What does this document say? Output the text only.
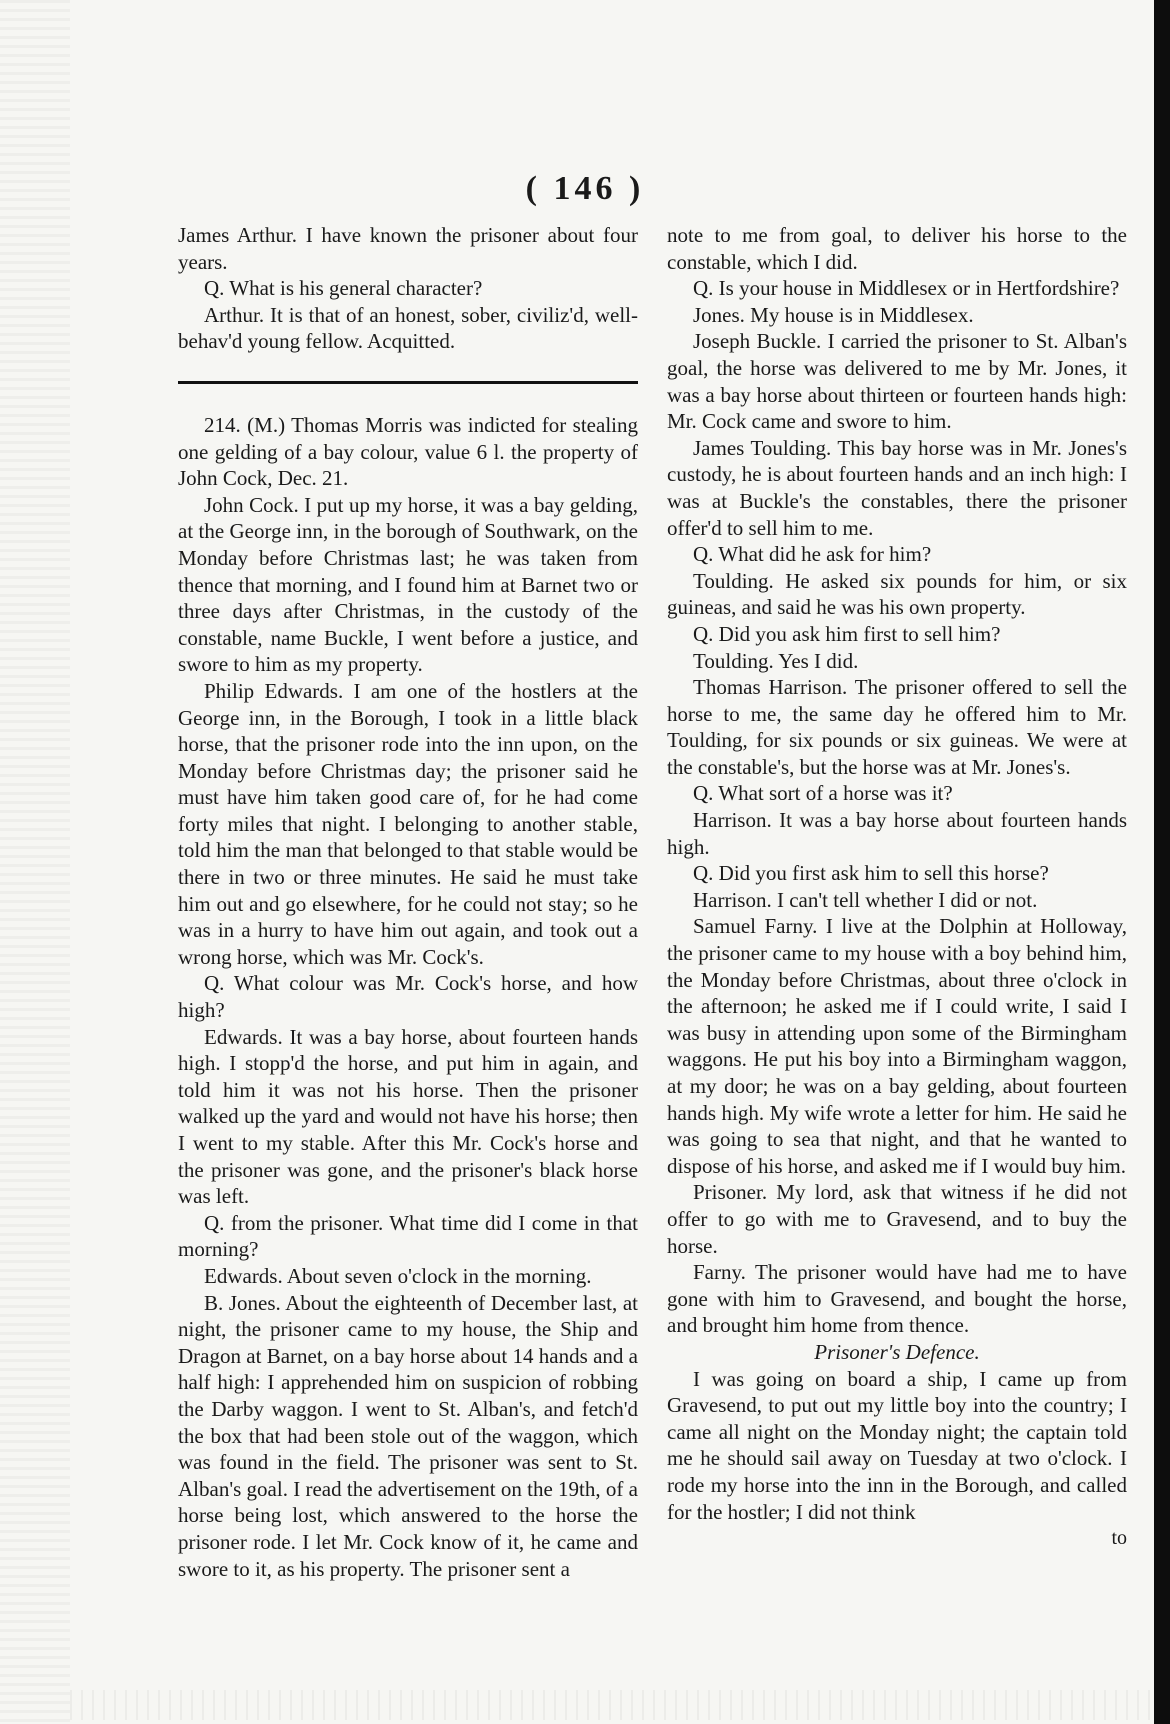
( 146 )

James Arthur. I have known the prisoner about four years.

Q. What is his general character?

Arthur. It is that of an honest, sober, civiliz'd, well-behav'd young fellow. Acquitted.

214. (M.) Thomas Morris was indicted for stealing one gelding of a bay colour, value 6 l. the property of John Cock, Dec. 21.

John Cock. I put up my horse, it was a bay gelding, at the George inn, in the borough of Southwark, on the Monday before Christmas last; he was taken from thence that morning, and I found him at Barnet two or three days after Christmas, in the custody of the constable, name Buckle, I went before a justice, and swore to him as my property.

Philip Edwards. I am one of the hostlers at the George inn, in the Borough, I took in a little black horse, that the prisoner rode into the inn upon, on the Monday before Christmas day; the prisoner said he must have him taken good care of, for he had come forty miles that night. I belonging to another stable, told him the man that belonged to that stable would be there in two or three minutes. He said he must take him out and go elsewhere, for he could not stay; so he was in a hurry to have him out again, and took out a wrong horse, which was Mr. Cock's.

Q. What colour was Mr. Cock's horse, and how high?

Edwards. It was a bay horse, about fourteen hands high. I stopp'd the horse, and put him in again, and told him it was not his horse. Then the prisoner walked up the yard and would not have his horse; then I went to my stable. After this Mr. Cock's horse and the prisoner was gone, and the prisoner's black horse was left.

Q. from the prisoner. What time did I come in that morning?

Edwards. About seven o'clock in the morning.

B. Jones. About the eighteenth of December last, at night, the prisoner came to my house, the Ship and Dragon at Barnet, on a bay horse about 14 hands and a half high: I apprehended him on suspicion of robbing the Darby waggon. I went to St. Alban's, and fetch'd the box that had been stole out of the waggon, which was found in the field. The prisoner was sent to St. Alban's goal. I read the advertisement on the 19th, of a horse being lost, which answered to the horse the prisoner rode. I let Mr. Cock know of it, he came and swore to it, as his property. The prisoner sent a

note to me from goal, to deliver his horse to the constable, which I did.

Q. Is your house in Middlesex or in Hertfordshire?

Jones. My house is in Middlesex.

Joseph Buckle. I carried the prisoner to St. Alban's goal, the horse was delivered to me by Mr. Jones, it was a bay horse about thirteen or fourteen hands high: Mr. Cock came and swore to him.

James Toulding. This bay horse was in Mr. Jones's custody, he is about fourteen hands and an inch high: I was at Buckle's the constables, there the prisoner offer'd to sell him to me.

Q. What did he ask for him?

Toulding. He asked six pounds for him, or six guineas, and said he was his own property.

Q. Did you ask him first to sell him?

Toulding. Yes I did.

Thomas Harrison. The prisoner offered to sell the horse to me, the same day he offered him to Mr. Toulding, for six pounds or six guineas. We were at the constable's, but the horse was at Mr. Jones's.

Q. What sort of a horse was it?

Harrison. It was a bay horse about fourteen hands high.

Q. Did you first ask him to sell this horse?

Harrison. I can't tell whether I did or not.

Samuel Farny. I live at the Dolphin at Holloway, the prisoner came to my house with a boy behind him, the Monday before Christmas, about three o'clock in the afternoon; he asked me if I could write, I said I was busy in attending upon some of the Birmingham waggons. He put his boy into a Birmingham waggon, at my door; he was on a bay gelding, about fourteen hands high. My wife wrote a letter for him. He said he was going to sea that night, and that he wanted to dispose of his horse, and asked me if I would buy him.

Prisoner. My lord, ask that witness if he did not offer to go with me to Gravesend, and to buy the horse.

Farny. The prisoner would have had me to have gone with him to Gravesend, and bought the horse, and brought him home from thence.

Prisoner's Defence.

I was going on board a ship, I came up from Gravesend, to put out my little boy into the country; I came all night on the Monday night; the captain told me he should sail away on Tuesday at two o'clock. I rode my horse into the inn in the Borough, and called for the hostler; I did not think

to
